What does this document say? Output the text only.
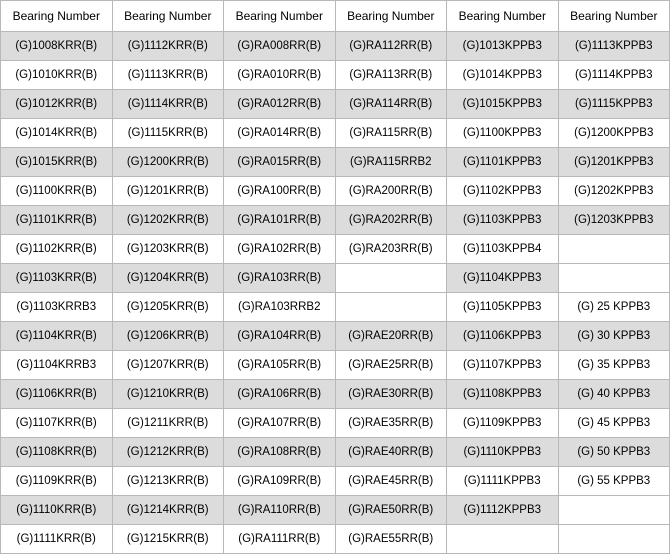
Bearing Number	Bearing Number	Bearing Number	Bearing Number	Bearing Number	Bearing Number
(G)1008KRR(B)	(G)1112KRR(B)	(G)RA008RR(B)	(G)RA112RR(B)	(G)1013KPPB3	(G)1113KPPB3
(G)1010KRR(B)	(G)1113KRR(B)	(G)RA010RR(B)	(G)RA113RR(B)	(G)1014KPPB3	(G)1114KPPB3
(G)1012KRR(B)	(G)1114KRR(B)	(G)RA012RR(B)	(G)RA114RR(B)	(G)1015KPPB3	(G)1115KPPB3
(G)1014KRR(B)	(G)1115KRR(B)	(G)RA014RR(B)	(G)RA115RR(B)	(G)1100KPPB3	(G)1200KPPB3
(G)1015KRR(B)	(G)1200KRR(B)	(G)RA015RR(B)	(G)RA115RRB2	(G)1101KPPB3	(G)1201KPPB3
(G)1100KRR(B)	(G)1201KRR(B)	(G)RA100RR(B)	(G)RA200RR(B)	(G)1102KPPB3	(G)1202KPPB3
(G)1101KRR(B)	(G)1202KRR(B)	(G)RA101RR(B)	(G)RA202RR(B)	(G)1103KPPB3	(G)1203KPPB3
(G)1102KRR(B)	(G)1203KRR(B)	(G)RA102RR(B)	(G)RA203RR(B)	(G)1103KPPB4	
(G)1103KRR(B)	(G)1204KRR(B)	(G)RA103RR(B)		(G)1104KPPB3	
(G)1103KRRB3	(G)1205KRR(B)	(G)RA103RRB2		(G)1105KPPB3	(G) 25 KPPB3
(G)1104KRR(B)	(G)1206KRR(B)	(G)RA104RR(B)	(G)RAE20RR(B)	(G)1106KPPB3	(G) 30 KPPB3
(G)1104KRRB3	(G)1207KRR(B)	(G)RA105RR(B)	(G)RAE25RR(B)	(G)1107KPPB3	(G) 35 KPPB3
(G)1106KRR(B)	(G)1210KRR(B)	(G)RA106RR(B)	(G)RAE30RR(B)	(G)1108KPPB3	(G) 40 KPPB3
(G)1107KRR(B)	(G)1211KRR(B)	(G)RA107RR(B)	(G)RAE35RR(B)	(G)1109KPPB3	(G) 45 KPPB3
(G)1108KRR(B)	(G)1212KRR(B)	(G)RA108RR(B)	(G)RAE40RR(B)	(G)1110KPPB3	(G) 50 KPPB3
(G)1109KRR(B)	(G)1213KRR(B)	(G)RA109RR(B)	(G)RAE45RR(B)	(G)1111KPPB3	(G) 55 KPPB3
(G)1110KRR(B)	(G)1214KRR(B)	(G)RA110RR(B)	(G)RAE50RR(B)	(G)1112KPPB3	
(G)1111KRR(B)	(G)1215KRR(B)	(G)RA111RR(B)	(G)RAE55RR(B)		
